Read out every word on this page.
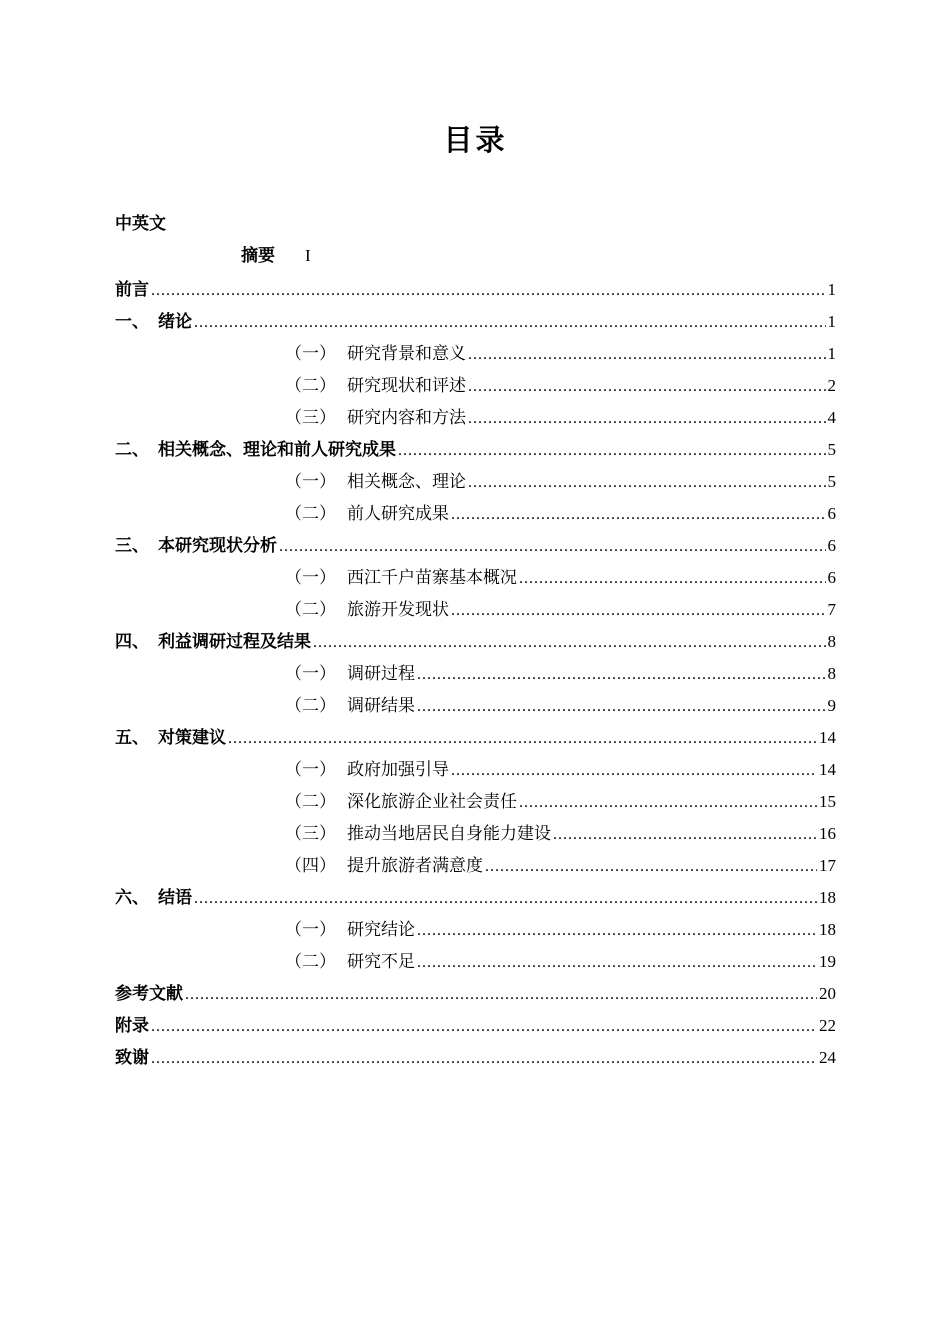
目录
中英文
摘要 I
前言 .....	1
一、 绪论 .....	1
（一） 研究背景和意义 .....	1
（二） 研究现状和评述 .....	2
（三） 研究内容和方法 .....	4
二、 相关概念、理论和前人研究成果 .....	5
（一） 相关概念、理论 .....	5
（二） 前人研究成果 .....	6
三、 本研究现状分析 .....	6
（一） 西江千户苗寨基本概况 .....	6
（二） 旅游开发现状 .....	7
四、 利益调研过程及结果 .....	8
（一） 调研过程 .....	8
（二） 调研结果 .....	9
五、 对策建议 .....	14
（一） 政府加强引导 .....	14
（二） 深化旅游企业社会责任 .....	15
（三） 推动当地居民自身能力建设 .....	16
（四） 提升旅游者满意度 .....	17
六、 结语 .....	18
（一） 研究结论 .....	18
（二） 研究不足 .....	19
参考文献 .....	20
附录 .....	22
致谢 .....	24
